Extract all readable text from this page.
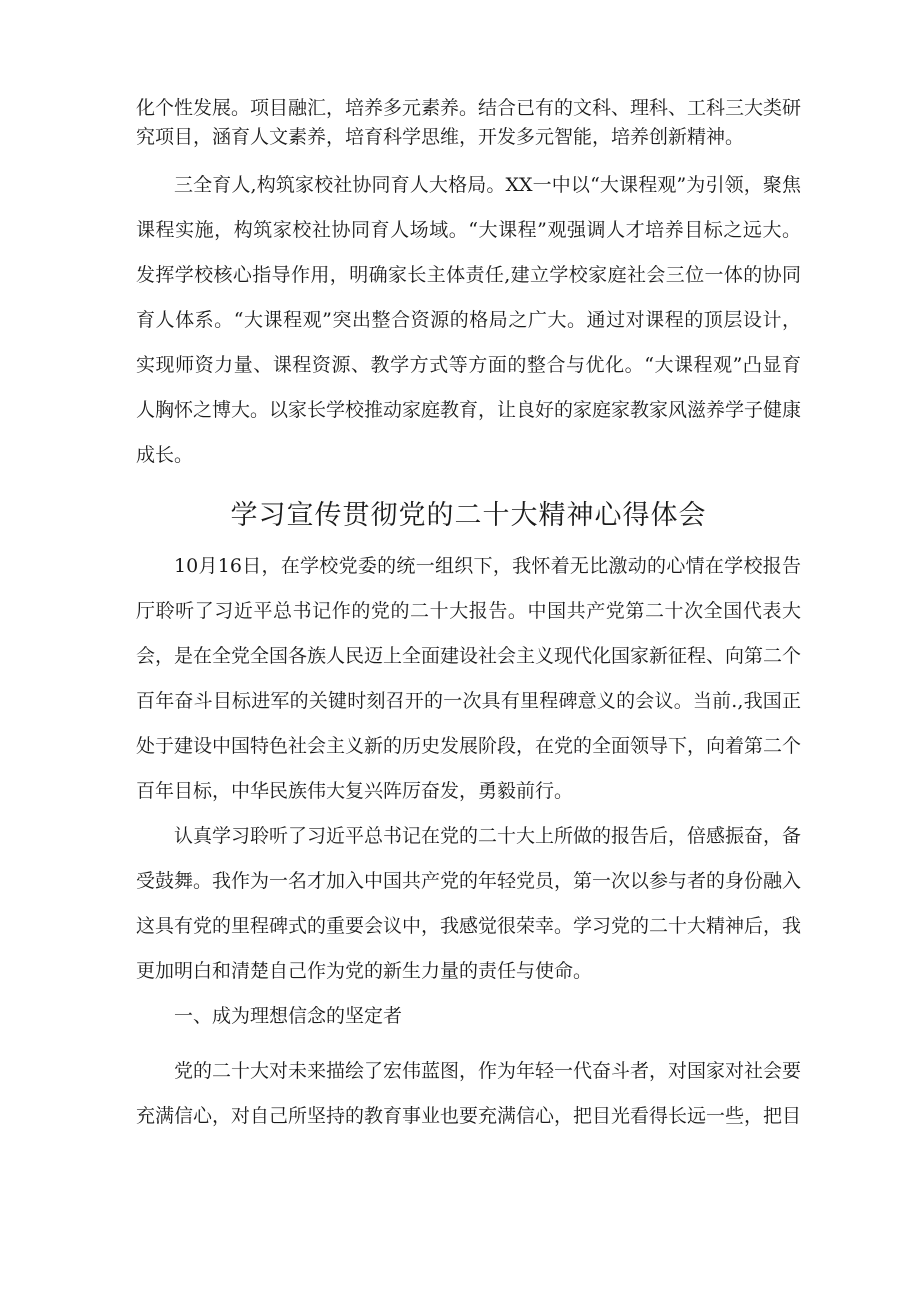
化个性发展。项目融汇，培养多元素养。结合已有的文科、理科、工科三大类研究项目，涵育人文素养，培育科学思维，开发多元智能，培养创新精神。

三全育人,构筑家校社协同育人大格局。XX一中以“大课程观”为引领，聚焦课程实施，构筑家校社协同育人场域。“大课程”观强调人才培养目标之远大。发挥学校核心指导作用，明确家长主体责任,建立学校家庭社会三位一体的协同育人体系。“大课程观”突出整合资源的格局之广大。通过对课程的顶层设计，实现师资力量、课程资源、教学方式等方面的整合与优化。“大课程观”凸显育人胸怀之博大。以家长学校推动家庭教育，让良好的家庭家教家风滋养学子健康成长。

学习宣传贯彻党的二十大精神心得体会

10月16日，在学校党委的统一组织下，我怀着无比激动的心情在学校报告厅聆听了习近平总书记作的党的二十大报告。中国共产党第二十次全国代表大会，是在全党全国各族人民迈上全面建设社会主义现代化国家新征程、向第二个百年奋斗目标进军的关键时刻召开的一次具有里程碑意义的会议。当前.,我国正处于建设中国特色社会主义新的历史发展阶段，在党的全面领导下，向着第二个百年目标，中华民族伟大复兴阵厉奋发，勇毅前行。

认真学习聆听了习近平总书记在党的二十大上所做的报告后，倍感振奋，备受鼓舞。我作为一名才加入中国共产党的年轻党员，第一次以参与者的身份融入这具有党的里程碑式的重要会议中，我感觉很荣幸。学习党的二十大精神后，我更加明白和清楚自己作为党的新生力量的责任与使命。

一、成为理想信念的坚定者

党的二十大对未来描绘了宏伟蓝图，作为年轻一代奋斗者，对国家对社会要充满信心，对自己所坚持的教育事业也要充满信心，把目光看得长远一些，把目
